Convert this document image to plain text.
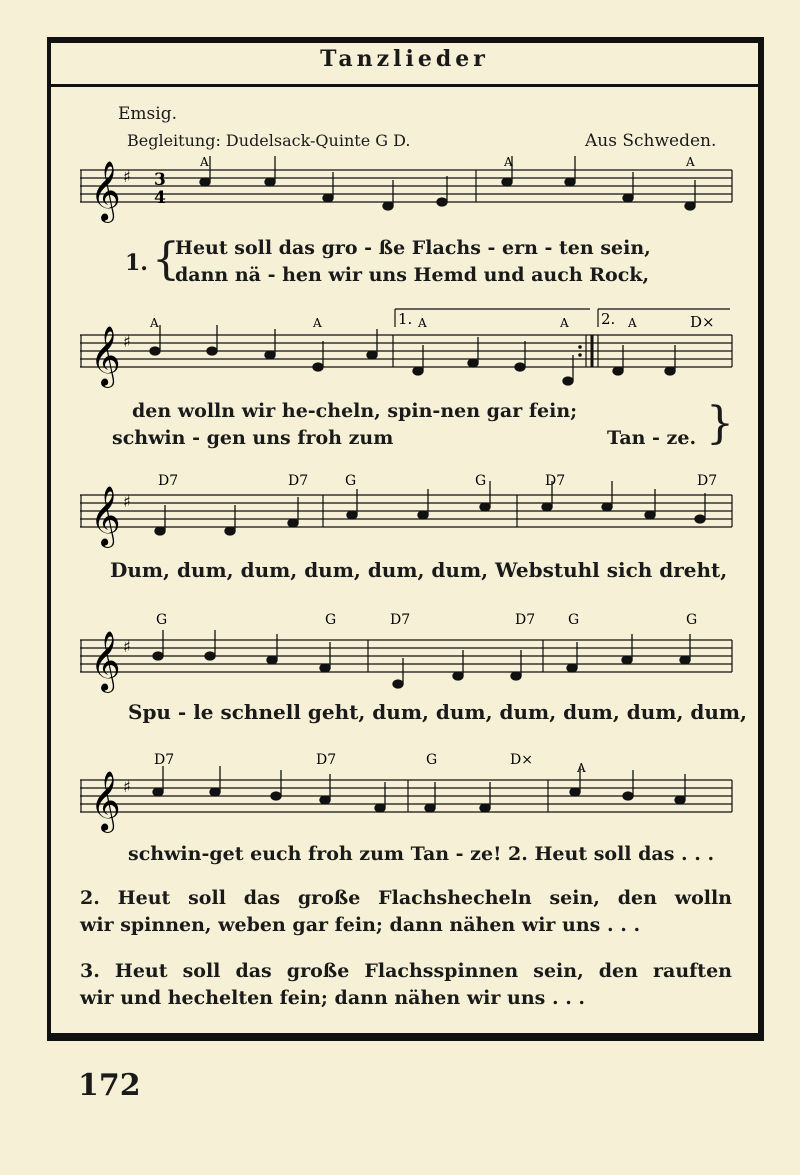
Tanzlieder
Emsig.
Begleitung: Dudelsack-Quinte G D.	Aus Schweden.
𝄞 ♯ 3
4
A	A	A
1. {
Heut soll das gro - ße Flachs - ern - ten sein,
dann nä - hen wir uns Hemd und auch Rock,
𝄞 ♯
1.	2.
A	A	A	A	A	D×
den wolln wir he-cheln, spin-nen gar fein;
schwin - gen uns froh zum	Tan - ze. }
𝄞 ♯
D7	D7	G	G	D7	D7
Dum, dum, dum, dum, dum, dum, Webstuhl sich dreht,
𝄞 ♯
G	G	D7	D7 G	G
Spu - le schnell geht, dum, dum, dum, dum, dum, dum,
𝄞 ♯
D7	D7	G	D×	A
schwin-get euch froh zum Tan - ze! 2. Heut soll das . . .
2. Heut soll das große Flachshecheln sein, den wolln
wir spinnen, weben gar fein; dann nähen wir uns . . .
3. Heut soll das große Flachsspinnen sein, den rauften
wir und hechelten fein; dann nähen wir uns . . .
172
